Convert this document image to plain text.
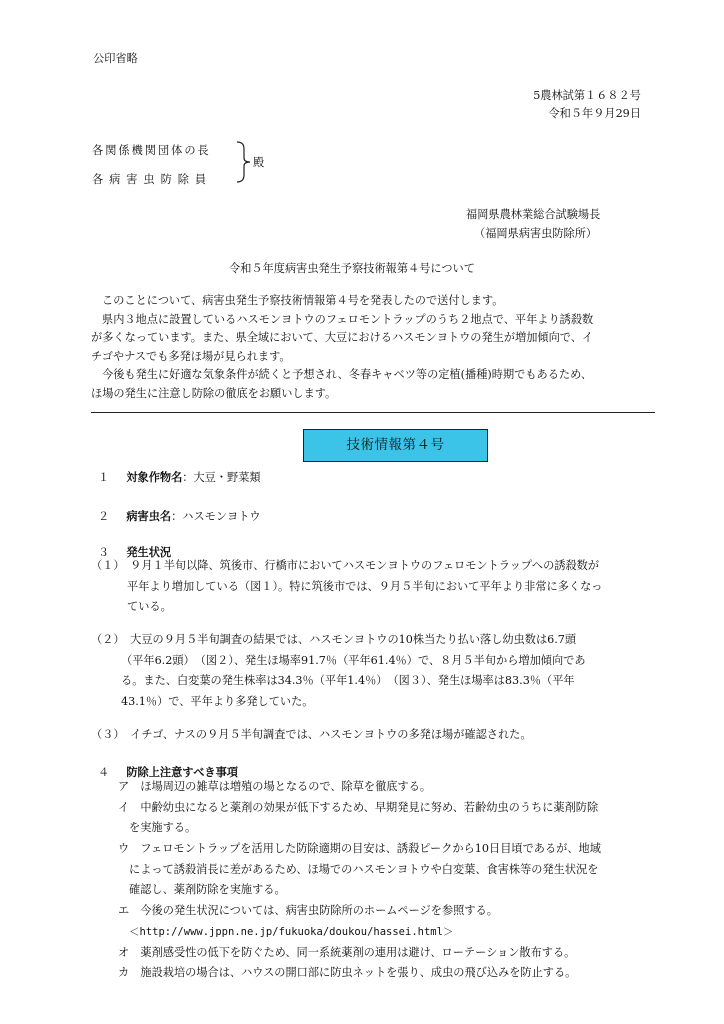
公印省略
5農林試第１６８２号
令和５年９月29日
各関係機関団体の長
各 病 害 虫 防 除 員
殿
福岡県農林業総合試験場長
（福岡県病害虫防除所）
令和５年度病害虫発生予察技術報第４号について
このことについて、病害虫発生予察技術情報第４号を発表したので送付します。
県内３地点に設置しているハスモンヨトウのフェロモントラップのうち２地点で、平年より誘殺数
が多くなっています。また、県全域において、大豆におけるハスモンヨトウの発生が増加傾向で、イ
チゴやナスでも多発ほ場が見られます。
今後も発生に好適な気象条件が続くと予想され、冬春キャベツ等の定植(播種)時期でもあるため、
ほ場の発生に注意し防除の徹底をお願いします。
技術情報第４号
１ 対象作物名：大豆・野菜類
２ 病害虫名：ハスモンヨトウ
３ 発生状況
（１）　９月１半旬以降、筑後市、行橋市においてハスモンヨトウのフェロモントラップへの誘殺数が
平年より増加している（図１）。特に筑後市では、９月５半旬において平年より非常に多くなっ
ている。
（２）　大豆の９月５半旬調査の結果では、ハスモンヨトウの10株当たり払い落し幼虫数は6.7頭
（平年6.2頭）　（図２）、発生ほ場率91.7％（平年61.4％）で、８月５半旬から増加傾向であ
る。また、白変葉の発生株率は34.3％（平年1.4％）　（図３）、発生ほ場率は83.3％（平年
43.1％）で、平年より多発していた。
（３）　イチゴ、ナスの９月５半旬調査では、ハスモンヨトウの多発ほ場が確認された。
４ 防除上注意すべき事項
ア　ほ場周辺の雑草は増殖の場となるので、除草を徹底する。
イ　中齢幼虫になると薬剤の効果が低下するため、早期発見に努め、若齢幼虫のうちに薬剤防除
を実施する。
ウ　フェロモントラップを活用した防除適期の目安は、誘殺ピークから10日目頃であるが、地域
によって誘殺消長に差があるため、ほ場でのハスモンヨトウや白変葉、食害株等の発生状況を
確認し、薬剤防除を実施する。
エ　今後の発生状況については、病害虫防除所のホームページを参照する。
＜http://www.jppn.ne.jp/fukuoka/doukou/hassei.html＞
オ　薬剤感受性の低下を防ぐため、同一系統薬剤の連用は避け、ローテーション散布する。
カ　施設栽培の場合は、ハウスの開口部に防虫ネットを張り、成虫の飛び込みを防止する。
